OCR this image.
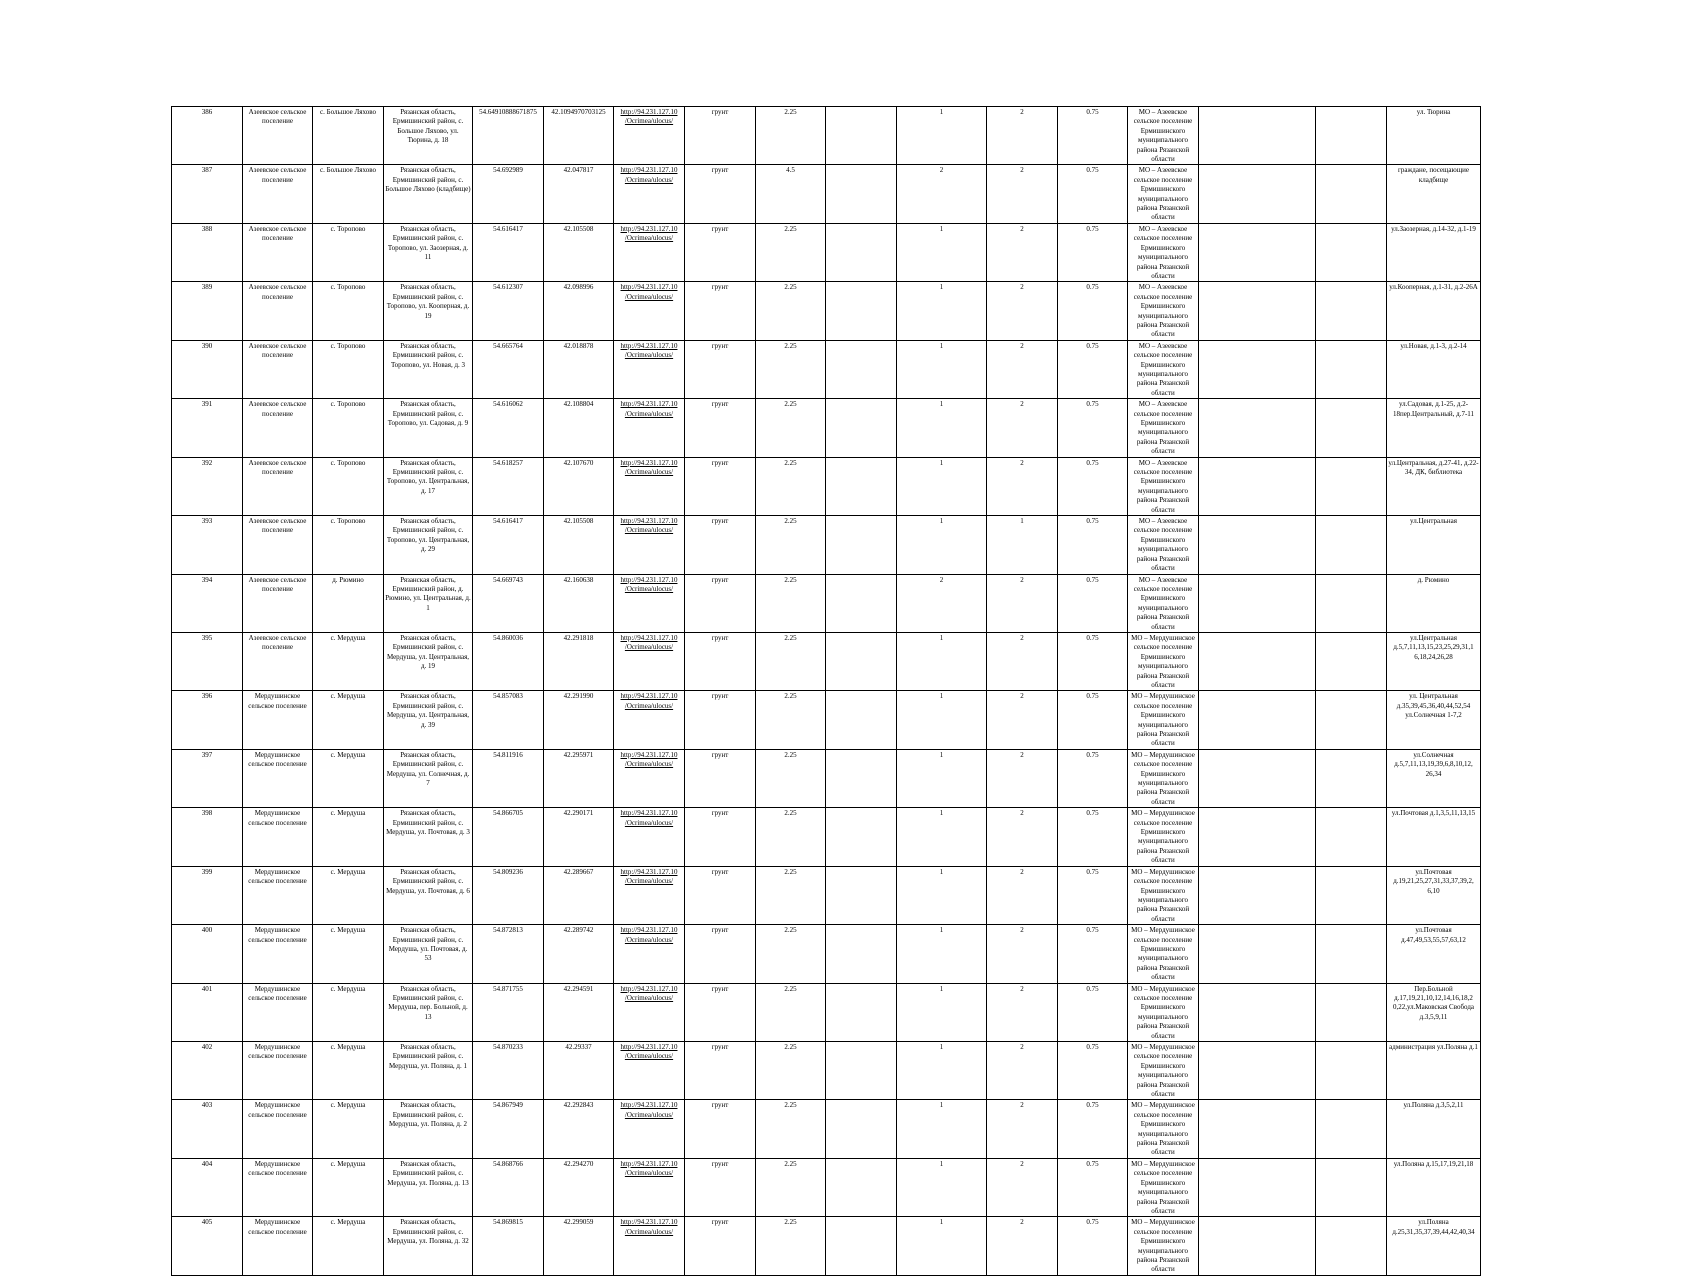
386	Азеевское сельское поселение	с. Большое Ляхово	Рязанская область, Ермишинский район, с. Большое Ляхово, ул. Тюрина, д. 18	54.64910888671875	42.1094970703125	http://94.231.127.10 /Ocrimea/ulocus/	грунт	2.25		1	2	0.75	МО – Азеевское сельское поселение Ермишинского муниципального района Рязанской области			ул. Тюрина
387	Азеевское сельское поселение	с. Большое Ляхово	Рязанская область, Ермишинский район, с. Большое Ляхово (кладбище)	54.692989	42.047817	http://94.231.127.10 /Ocrimea/ulocus/	грунт	4.5		2	2	0.75	МО – Азеевское сельское поселение Ермишинского муниципального района Рязанской области			граждане, посещающие кладбище
388	Азеевское сельское поселение	с. Торопово	Рязанская область, Ермишинский район, с. Торопово, ул. Заозерная, д. 11	54.616417	42.105508	http://94.231.127.10 /Ocrimea/ulocus/	грунт	2.25		1	2	0.75	МО – Азеевское сельское поселение Ермишинского муниципального района Рязанской области			ул.Заозерная, д.14-32, д.1-19
389	Азеевское сельское поселение	с. Торопово	Рязанская область, Ермишинский район, с. Торопово, ул. Кооперная, д. 19	54.612307	42.098996	http://94.231.127.10 /Ocrimea/ulocus/	грунт	2.25		1	2	0.75	МО – Азеевское сельское поселение Ермишинского муниципального района Рязанской области			ул.Кооперная, д.1-31, д.2-26А
390	Азеевское сельское поселение	с. Торопово	Рязанская область, Ермишинский район, с. Торопово, ул. Новая, д. 3	54.665764	42.018878	http://94.231.127.10 /Ocrimea/ulocus/	грунт	2.25		1	2	0.75	МО – Азеевское сельское поселение Ермишинского муниципального района Рязанской области			ул.Новая, д.1-3, д.2-14
391	Азеевское сельское поселение	с. Торопово	Рязанская область, Ермишинский район, с. Торопово, ул. Садовая, д. 9	54.616062	42.108804	http://94.231.127.10 /Ocrimea/ulocus/	грунт	2.25		1	2	0.75	МО – Азеевское сельское поселение Ермишинского муниципального района Рязанской области			ул.Садовая, д.1-25, д.2-18пер.Центральный, д.7-11
392	Азеевское сельское поселение	с. Торопово	Рязанская область, Ермишинский район, с. Торопово, ул. Центральная, д. 17	54.618257	42.107670	http://94.231.127.10 /Ocrimea/ulocus/	грунт	2.25		1	2	0.75	МО – Азеевское сельское поселение Ермишинского муниципального района Рязанской области			ул.Центральная, д.27-41, д.22-34, ДК, библиотека
393	Азеевское сельское поселение	с. Торопово	Рязанская область, Ермишинский район, с. Торопово, ул. Центральная, д. 29	54.616417	42.105508	http://94.231.127.10 /Ocrimea/ulocus/	грунт	2.25		1	1	0.75	МО – Азеевское сельское поселение Ермишинского муниципального района Рязанской области			ул.Центральная
394	Азеевское сельское поселение	д. Рюмино	Рязанская область, Ермишинский район, д. Рюмино, ул. Центральная, д. 1	54.669743	42.160638	http://94.231.127.10 /Ocrimea/ulocus/	грунт	2.25		2	2	0.75	МО – Азеевское сельское поселение Ермишинского муниципального района Рязанской области			д. Рюмино
395	Азеевское сельское поселение	с. Мердуша	Рязанская область, Ермишинский район, с. Мердуша, ул. Центральная, д. 19	54.860036	42.291818	http://94.231.127.10 /Ocrimea/ulocus/	грунт	2.25		1	2	0.75	МО – Мердушинское сельское поселение Ермишинского муниципального района Рязанской области			ул.Центральная д.5,7,11,13,15,23,25,29,31,1 6,18,24,26,28
396	Мердушинское сельское поселение	с. Мердуша	Рязанская область, Ермишинский район, с. Мердуша, ул. Центральная, д. 39	54.857083	42.291990	http://94.231.127.10 /Ocrimea/ulocus/	грунт	2.25		1	2	0.75	МО – Мердушинское сельское поселение Ермишинского муниципального района Рязанской области			ул. Центральная д.35,39,45,36,40,44,52,54 ул.Солнечная 1-7,2
397	Мердушинское сельское поселение	с. Мердуша	Рязанская область, Ермишинский район, с. Мердуша, ул. Солнечная, д. 7	54.811916	42.295971	http://94.231.127.10 /Ocrimea/ulocus/	грунт	2.25		1	2	0.75	МО – Мердушинское сельское поселение Ермишинского муниципального района Рязанской области			ул.Солнечная д.5,7,11,13,19,39,6,8,10,12, 26,34
398	Мердушинское сельское поселение	с. Мердуша	Рязанская область, Ермишинский район, с. Мердуша, ул. Почтовая, д. 3	54.866705	42.290171	http://94.231.127.10 /Ocrimea/ulocus/	грунт	2.25		1	2	0.75	МО – Мердушинское сельское поселение Ермишинского муниципального района Рязанской области			ул.Почтовая д.1,3,5,11,13,15
399	Мердушинское сельское поселение	с. Мердуша	Рязанская область, Ермишинский район, с. Мердуша, ул. Почтовая, д. 6	54.809236	42.289667	http://94.231.127.10 /Ocrimea/ulocus/	грунт	2.25		1	2	0.75	МО – Мердушинское сельское поселение Ермишинского муниципального района Рязанской области			ул.Почтовая д.19,21,25,27,31,33,37,39,2, 6,10
400	Мердушинское сельское поселение	с. Мердуша	Рязанская область, Ермишинский район, с. Мердуша, ул. Почтовая, д. 53	54.872813	42.289742	http://94.231.127.10 /Ocrimea/ulocus/	грунт	2.25		1	2	0.75	МО – Мердушинское сельское поселение Ермишинского муниципального района Рязанской области			ул.Почтовая д.47,49,53,55,57,63,12
401	Мердушинское сельское поселение	с. Мердуша	Рязанская область, Ермишинский район, с. Мердуша, пер. Больной, д. 13	54.871755	42.294591	http://94.231.127.10 /Ocrimea/ulocus/	грунт	2.25		1	2	0.75	МО – Мердушинское сельское поселение Ермишинского муниципального района Рязанской области			Пер.Больной д.17,19,21,10,12,14,16,18,2 0,22,ул.Маковская Свобода д.3,5,9,11
402	Мердушинское сельское поселение	с. Мердуша	Рязанская область, Ермишинский район, с. Мердуша, ул. Поляна, д. 1	54.870233	42.29337	http://94.231.127.10 /Ocrimea/ulocus/	грунт	2.25		1	2	0.75	МО – Мердушинское сельское поселение Ермишинского муниципального района Рязанской области			администрация ул.Поляна д.1
403	Мердушинское сельское поселение	с. Мердуша	Рязанская область, Ермишинский район, с. Мердуша, ул. Поляна, д. 2	54.867949	42.292843	http://94.231.127.10 /Ocrimea/ulocus/	грунт	2.25		1	2	0.75	МО – Мердушинское сельское поселение Ермишинского муниципального района Рязанской области			ул.Поляна д.3,5,2,11
404	Мердушинское сельское поселение	с. Мердуша	Рязанская область, Ермишинский район, с. Мердуша, ул. Поляна, д. 13	54.868766	42.294270	http://94.231.127.10 /Ocrimea/ulocus/	грунт	2.25		1	2	0.75	МО – Мердушинское сельское поселение Ермишинского муниципального района Рязанской области			ул.Поляна д.15,17,19,21,18
405	Мердушинское сельское поселение	с. Мердуша	Рязанская область, Ермишинский район, с. Мердуша, ул. Поляна, д. 32	54.869815	42.299059	http://94.231.127.10 /Ocrimea/ulocus/	грунт	2.25		1	2	0.75	МО – Мердушинское сельское поселение Ермишинского муниципального района Рязанской области			ул.Поляна д.25,31,35,37,39,44,42,40,34
